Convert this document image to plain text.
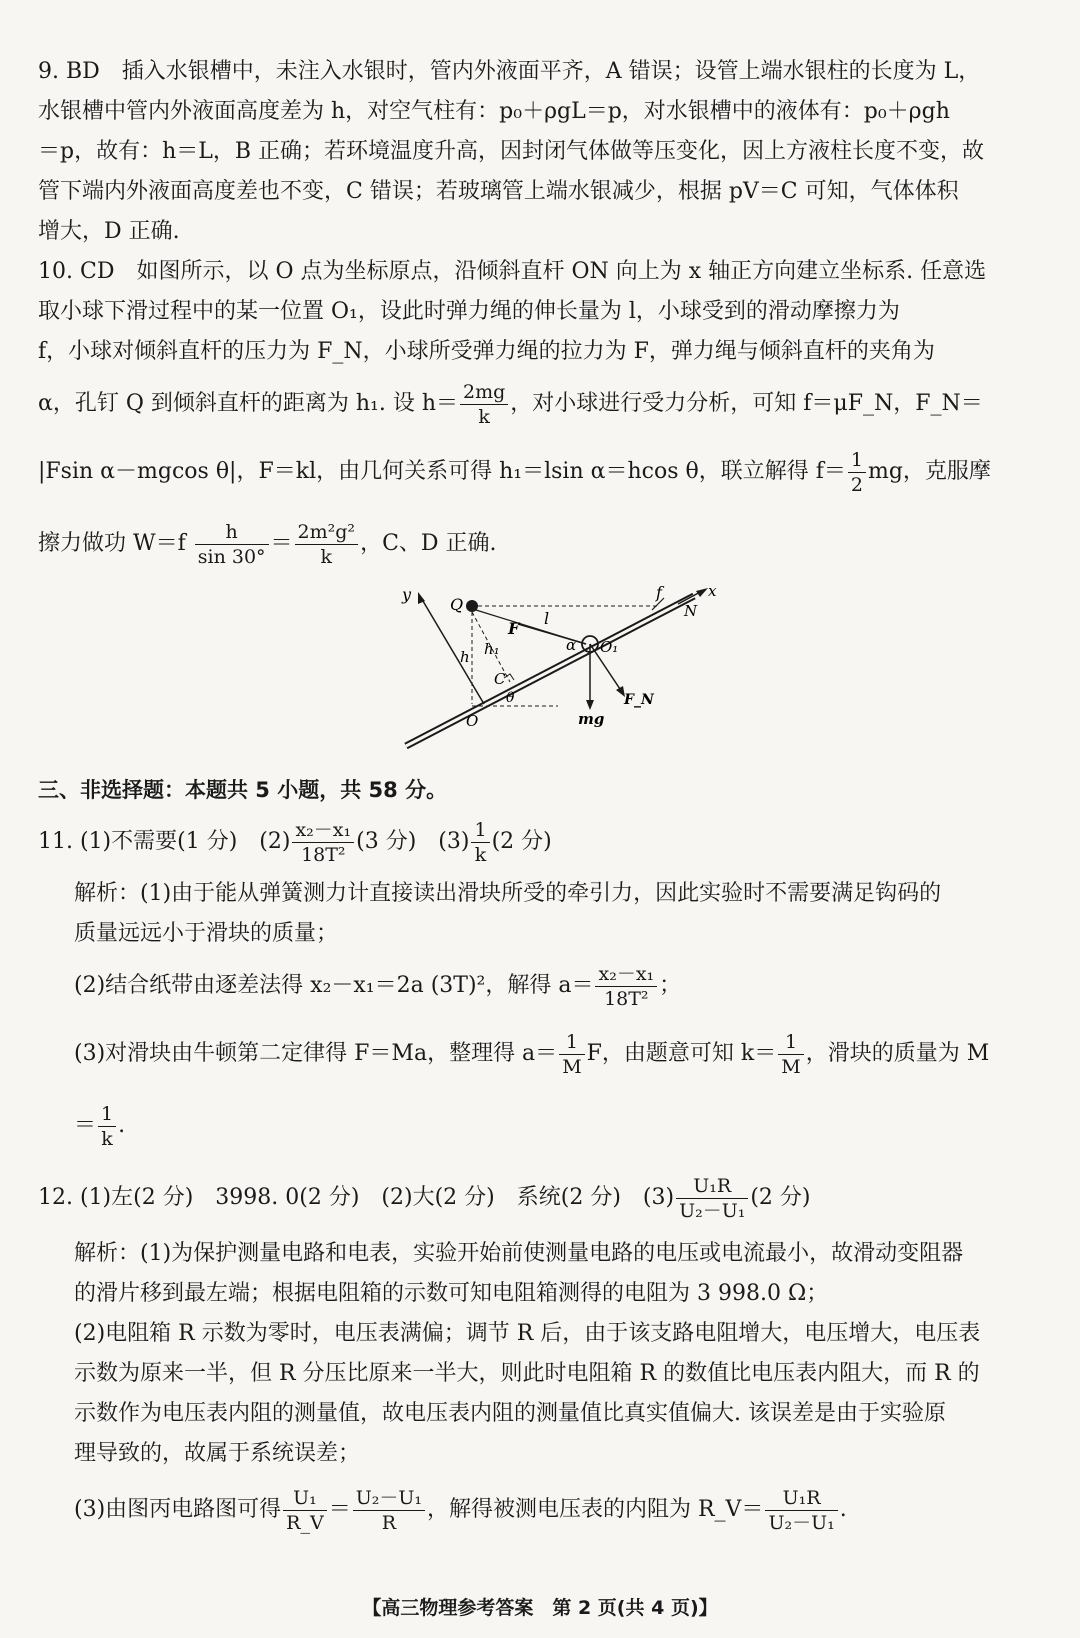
9. BD　插入水银槽中，未注入水银时，管内外液面平齐，A 错误；设管上端水银柱的长度为 L，
水银槽中管内外液面高度差为 h，对空气柱有：p₀＋ρgL＝p，对水银槽中的液体有：p₀＋ρgh
＝p，故有：h＝L，B 正确；若环境温度升高，因封闭气体做等压变化，因上方液柱长度不变，故
管下端内外液面高度差也不变，C 错误；若玻璃管上端水银减少，根据 pV＝C 可知，气体体积
增大，D 正确.
10. CD　如图所示，以 O 点为坐标原点，沿倾斜直杆 ON 向上为 x 轴正方向建立坐标系. 任意选
取小球下滑过程中的某一位置 O₁，设此时弹力绳的伸长量为 l，小球受到的滑动摩擦力为
f，小球对倾斜直杆的压力为 F_N，小球所受弹力绳的拉力为 F，弹力绳与倾斜直杆的夹角为
α，孔钉 Q 到倾斜直杆的距离为 h₁. 设 $h= \frac{2mg}{k}$ ，对小球进行受力分析，可知 f＝μF_N，F_N＝
|Fsin α－mgcos θ|，F＝kl，由几何关系可得 h₁＝lsin α＝hcos θ，联立解得 $f= \frac{1}{2}$ mg，克服摩
擦力做功 $W=f \frac{h}{\sin 30^\circ} = \frac{\text{2m²g²}}{k}$ ，C、D 正确.
y
Q
f	x
N
F
l
α O₁
h h₁
C
θ	F_N
O	mg
三、非选择题：本题共 5 小题，共 58 分。
11. (1)不需要(1 分)　$(2) \frac{\text{x₂－x₁}}{\text{18T²}} (3$ 分)　$(3) \frac{1}{k} (2$ 分)
解析：(1)由于能从弹簧测力计直接读出滑块所受的牵引力，因此实验时不需要满足钩码的
质量远远小于滑块的质量；
(2)结合纸带由逐差法得 x₂－x₁＝2a (3T)²，解得 $a= \frac{\text{x₂－x₁}}{\text{18T²}}$ ；
(3)对滑块由牛顿第二定律得 F＝Ma，整理得 $a= \frac{1}{M}$ F，由题意可知 $k= \frac{1}{M}$ ，滑块的质量为 M
＝ $\frac{1}{k}$ .
12. (1)左(2 分)　3998. 0(2 分)　(2)大(2 分)　系统(2 分)　$(3) \frac{\text{U₁R}}{\text{U₂－U₁}} (2$ 分)
解析：(1)为保护测量电路和电表，实验开始前使测量电路的电压或电流最小，故滑动变阻器
的滑片移到最左端；根据电阻箱的示数可知电阻箱测得的电阻为 3 998.0 Ω；
(2)电阻箱 R 示数为零时，电压表满偏；调节 R 后，由于该支路电阻增大，电压增大，电压表
示数为原来一半，但 R 分压比原来一半大，则此时电阻箱 R 的数值比电压表内阻大，而 R 的
示数作为电压表内阻的测量值，故电压表内阻的测量值比真实值偏大. 该误差是由于实验原
理导致的，故属于系统误差；
(3)由图丙电路图可得 $\frac{\text{U₁}}{R\_V} = \frac{\text{U₂－U₁}}{R}$ ，解得被测电压表的内阻为 R_V＝ $\frac{\text{U₁R}}{\text{U₂－U₁}}$ .
【高三物理参考答案　第 2 页(共 4 页)】
